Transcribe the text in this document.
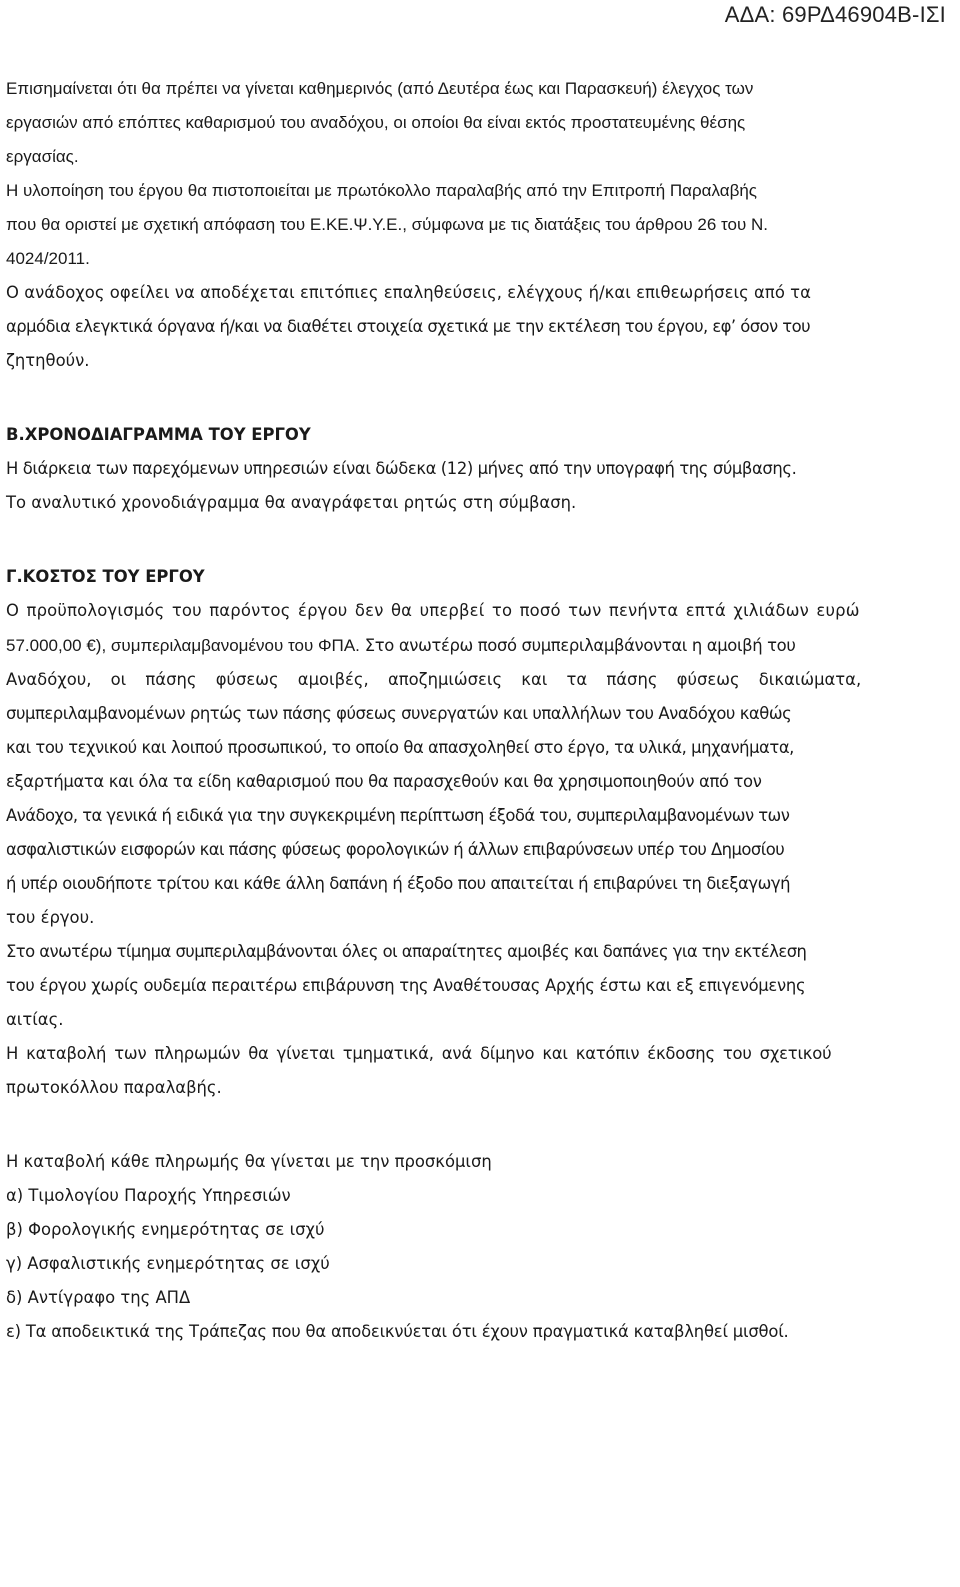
ΑΔΑ: 69ΡΔ46904Β-ΙΣΙ
Επισημαίνεται ότι θα πρέπει να γίνεται καθημερινός (από Δευτέρα έως και Παρασκευή) έλεγχος των
εργασιών από επόπτες καθαρισμού του αναδόχου, οι οποίοι θα είναι εκτός προστατευμένης θέσης
εργασίας.
Η υλοποίηση του έργου θα πιστοποιείται με πρωτόκολλο παραλαβής από την Επιτροπή Παραλαβής
που θα οριστεί με σχετική απόφαση του Ε.ΚΕ.Ψ.Υ.Ε., σύμφωνα με τις διατάξεις του άρθρου 26 του Ν.
4024/2011.
Ο ανάδοχος οφείλει να αποδέχεται επιτόπιες επαληθεύσεις, ελέγχους ή/και επιθεωρήσεις από τα
αρμόδια ελεγκτικά όργανα ή/και να διαθέτει στοιχεία σχετικά με την εκτέλεση του έργου, εφ’ όσον του
ζητηθούν.
Β.ΧΡΟΝΟΔΙΑΓΡΑΜΜΑ ΤΟΥ ΕΡΓΟΥ
Η διάρκεια των παρεχόμενων υπηρεσιών είναι δώδεκα (12) μήνες από την υπογραφή της σύμβασης.
Το αναλυτικό χρονοδιάγραμμα θα αναγράφεται ρητώς στη σύμβαση.
Γ.ΚΟΣΤΟΣ ΤΟΥ ΕΡΓΟΥ
Ο προϋπολογισμός του παρόντος έργου δεν θα υπερβεί το ποσό των πενήντα επτά χιλιάδων ευρώ
57.000,00 €), συμπεριλαμβανομένου του ΦΠΑ. Στο ανωτέρω ποσό συμπεριλαμβάνονται η αμοιβή του
Αναδόχου, οι πάσης φύσεως αμοιβές, αποζημιώσεις και τα πάσης φύσεως δικαιώματα,
συμπεριλαμβανομένων ρητώς των πάσης φύσεως συνεργατών και υπαλλήλων του Αναδόχου καθώς
και του τεχνικού και λοιπού προσωπικού, το οποίο θα απασχοληθεί στο έργο, τα υλικά, μηχανήματα,
εξαρτήματα και όλα τα είδη καθαρισμού που θα παρασχεθούν και θα χρησιμοποιηθούν από τον
Ανάδοχο, τα γενικά ή ειδικά για την συγκεκριμένη περίπτωση έξοδά του, συμπεριλαμβανομένων των
ασφαλιστικών εισφορών και πάσης φύσεως φορολογικών ή άλλων επιβαρύνσεων υπέρ του Δημοσίου
ή υπέρ οιουδήποτε τρίτου και κάθε άλλη δαπάνη ή έξοδο που απαιτείται ή επιβαρύνει τη διεξαγωγή
του έργου.
Στο ανωτέρω τίμημα συμπεριλαμβάνονται όλες οι απαραίτητες αμοιβές και δαπάνες για την εκτέλεση
του έργου χωρίς ουδεμία περαιτέρω επιβάρυνση της Αναθέτουσας Αρχής έστω και εξ επιγενόμενης
αιτίας.
Η καταβολή των πληρωμών θα γίνεται τμηματικά, ανά δίμηνο και κατόπιν έκδοσης του σχετικού
πρωτοκόλλου παραλαβής.
Η καταβολή κάθε πληρωμής θα γίνεται με την προσκόμιση
α) Τιμολογίου Παροχής Υπηρεσιών
β) Φορολογικής ενημερότητας σε ισχύ
γ) Ασφαλιστικής ενημερότητας σε ισχύ
δ) Αντίγραφο της ΑΠΔ
ε) Τα αποδεικτικά της Τράπεζας που θα αποδεικνύεται ότι έχουν πραγματικά καταβληθεί μισθοί.
